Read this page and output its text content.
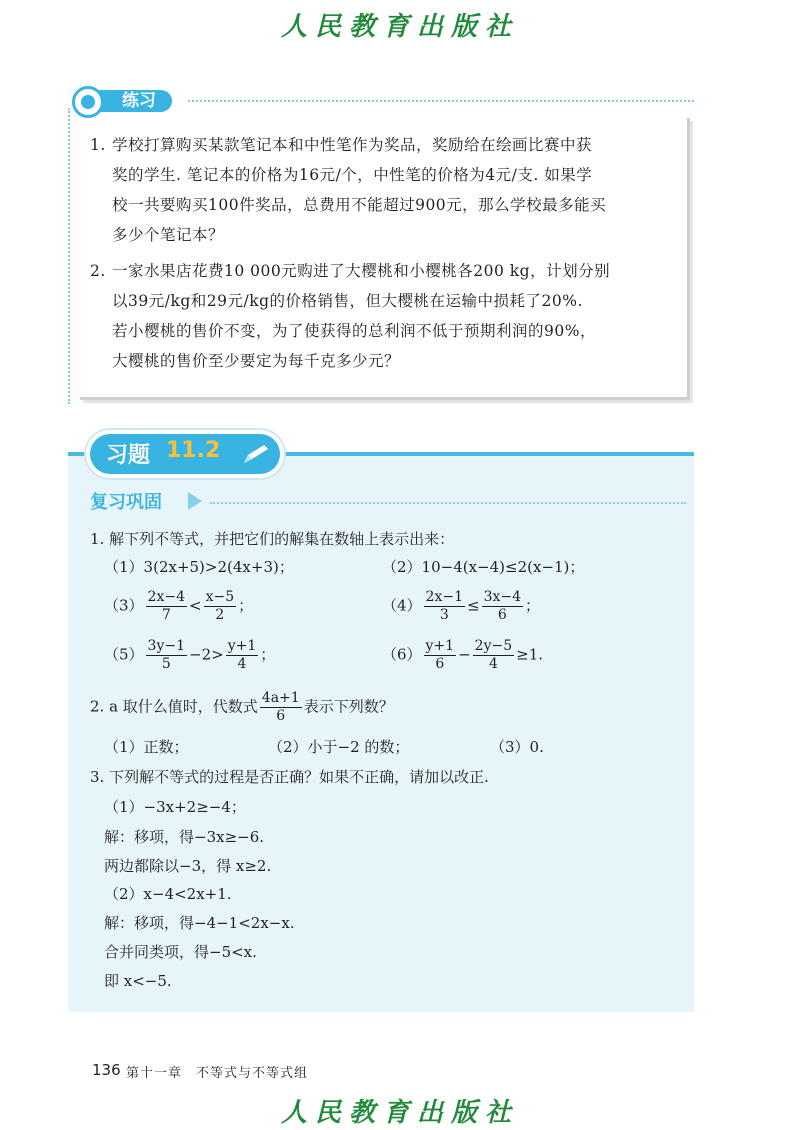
人民教育出版社
练习
1. 学校打算购买某款笔记本和中性笔作为奖品，奖励给在绘画比赛中获
奖的学生. 笔记本的价格为16元/个，中性笔的价格为4元/支. 如果学
校一共要购买100件奖品，总费用不能超过900元，那么学校最多能买
多少个笔记本？
2. 一家水果店花费10 000元购进了大樱桃和小樱桃各200 kg，计划分别
以39元/kg和29元/kg的价格销售，但大樱桃在运输中损耗了20%.
若小樱桃的售价不变，为了使获得的总利润不低于预期利润的90%，
大樱桃的售价至少要定为每千克多少元？
习题 11.2
复习巩固
1. 解下列不等式，并把它们的解集在数轴上表示出来：
（1）3(2x+5)>2(4x+3)；	（2）10−4(x−4)≤2(x−1)；
$(3) \frac{2x-4}{7} < \frac{x-5}{2}$ ；	$(4) \frac{2x-1}{3} \le \frac{3x-4}{6}$ ；
$(5) \frac{3y-1}{5} -2> \frac{y+1}{4}$ ；	$(6) \frac{y+1}{6} - \frac{2y-5}{4} \ge 1$.
2. a 取什么值时，代数式 $\frac{4a+1}{6}$ 表示下列数？
（1）正数；	（2）小于−2 的数；	（3）0.
3. 下列解不等式的过程是否正确？如果不正确，请加以改正.
（1）−3x+2≥−4；
解：移项，得−3x≥−6.
两边都除以−3，得 x≥2.
（2）x−4<2x+1.
解：移项，得−4−1<2x−x.
合并同类项，得−5<x.
即 x<−5.
136 第十一章　不等式与不等式组
人民教育出版社
